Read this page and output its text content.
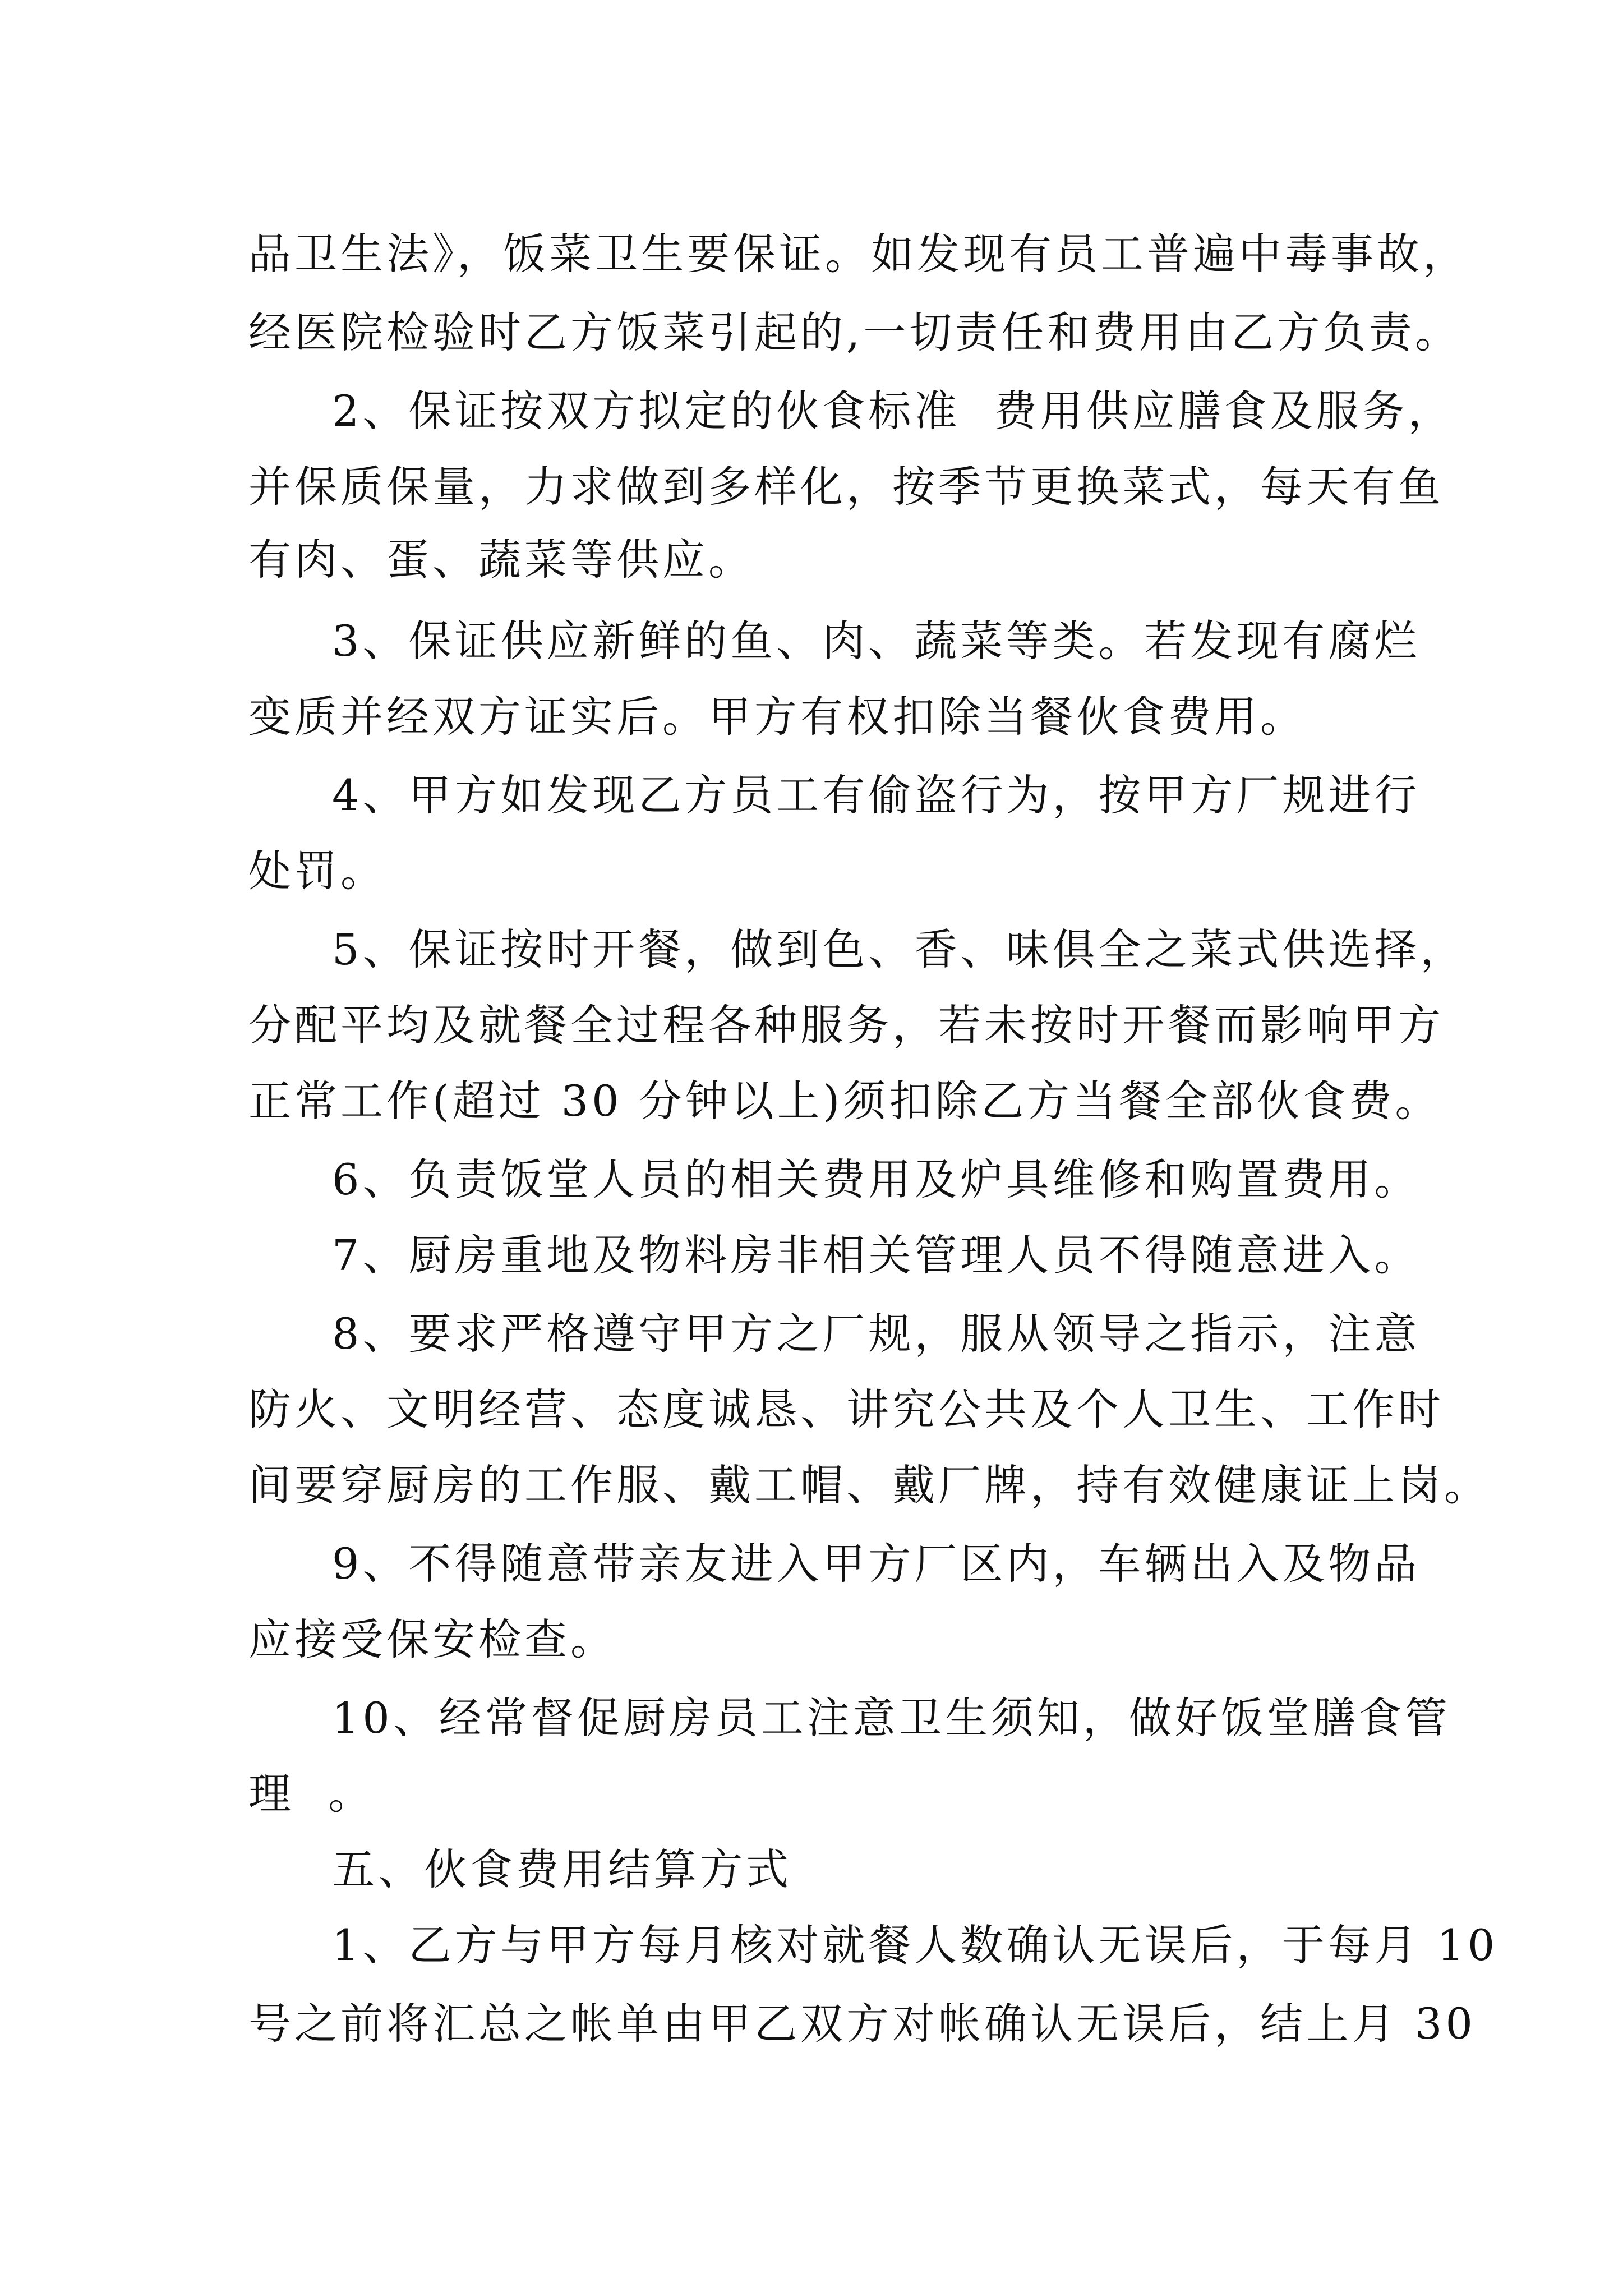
品卫生法》，饭菜卫生要保证。如发现有员工普遍中毒事故，
经医院检验时乙方饭菜引起的,一切责任和费用由乙方负责。
2、保证按双方拟定的伙食标准  费用供应膳食及服务，
并保质保量，力求做到多样化，按季节更换菜式，每天有鱼
有肉、蛋、蔬菜等供应。
3、保证供应新鲜的鱼、肉、蔬菜等类。若发现有腐烂
变质并经双方证实后。甲方有权扣除当餐伙食费用。
4、甲方如发现乙方员工有偷盗行为，按甲方厂规进行
处罚。
5、保证按时开餐，做到色、香、味俱全之菜式供选择，
分配平均及就餐全过程各种服务，若未按时开餐而影响甲方
正常工作(超过 30 分钟以上)须扣除乙方当餐全部伙食费。
6、负责饭堂人员的相关费用及炉具维修和购置费用。
7、厨房重地及物料房非相关管理人员不得随意进入。
8、要求严格遵守甲方之厂规，服从领导之指示，注意
防火、文明经营、态度诚恳、讲究公共及个人卫生、工作时
间要穿厨房的工作服、戴工帽、戴厂牌，持有效健康证上岗。
9、不得随意带亲友进入甲方厂区内，车辆出入及物品
应接受保安检查。
10、经常督促厨房员工注意卫生须知，做好饭堂膳食管
理  。
五、伙食费用结算方式
1、乙方与甲方每月核对就餐人数确认无误后，于每月 10
号之前将汇总之帐单由甲乙双方对帐确认无误后，结上月 30
